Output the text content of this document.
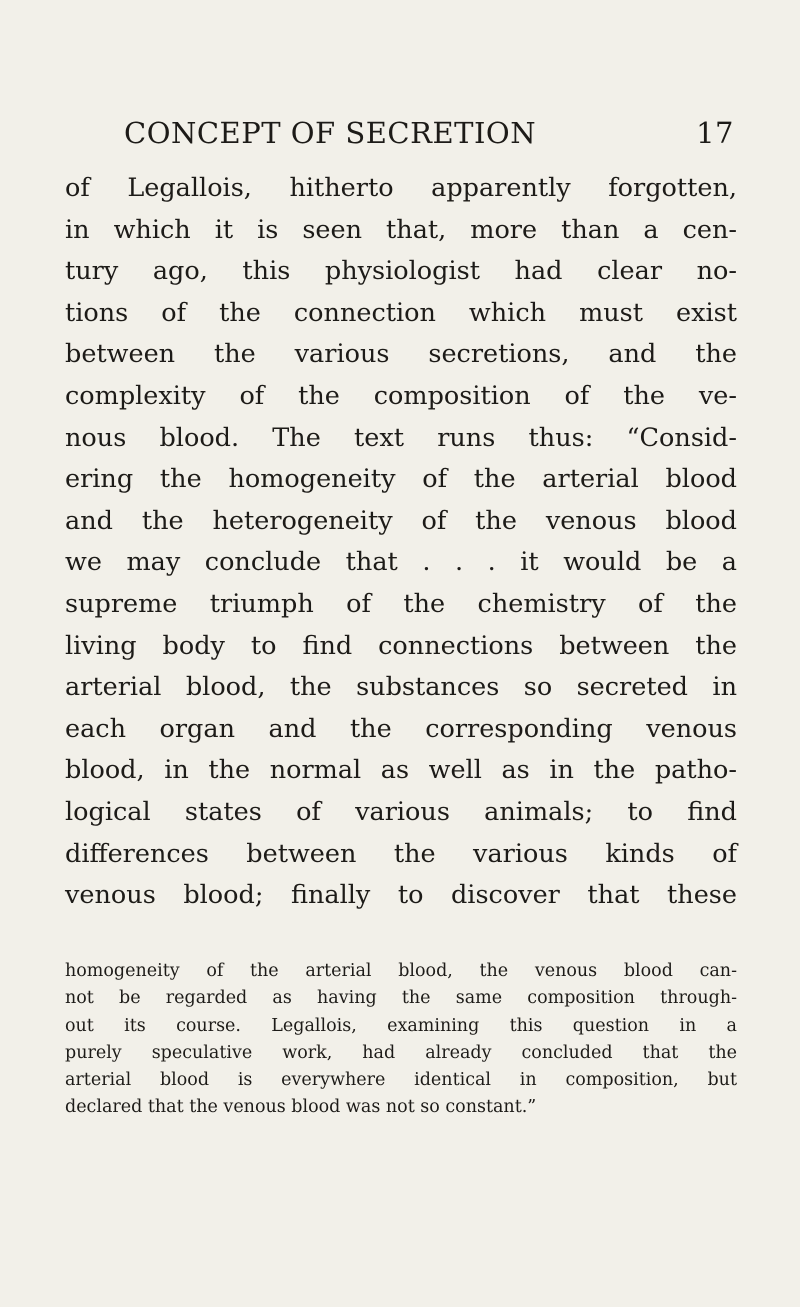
CONCEPT OF SECRETION	17
of Legallois, hitherto apparently forgotten,
in which it is seen that, more than a cen-
tury ago, this physiologist had clear no-
tions of the connection which must exist
between the various secretions, and the
complexity of the composition of the ve-
nous blood. The text runs thus: “Consid-
ering the homogeneity of the arterial blood
and the heterogeneity of the venous blood
we may conclude that . . . it would be a
supreme triumph of the chemistry of the
living body to find connections between the
arterial blood, the substances so secreted in
each organ and the corresponding venous
blood, in the normal as well as in the patho-
logical states of various animals; to find
differences between the various kinds of
venous blood; finally to discover that these
homogeneity of the arterial blood, the venous blood can-
not be regarded as having the same composition through-
out its course. Legallois, examining this question in a
purely speculative work, had already concluded that the
arterial blood is everywhere identical in composition, but
declared that the venous blood was not so constant.”
